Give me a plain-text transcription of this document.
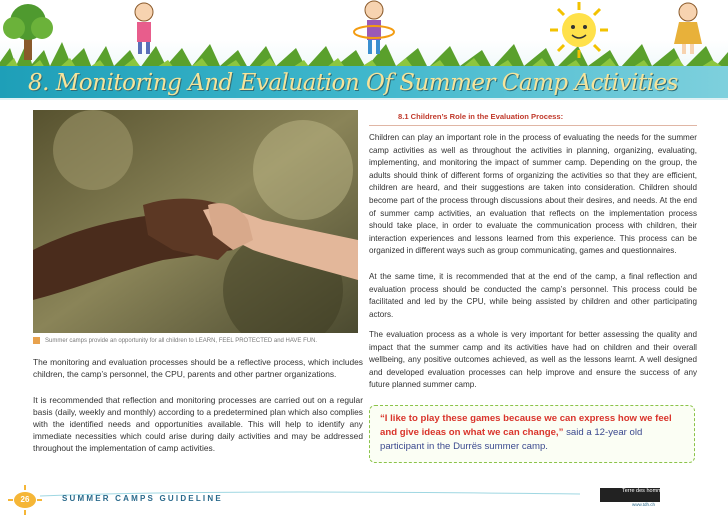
8. Monitoring And Evaluation Of Summer Camp Activities
Summer camps provide an opportunity for all children to LEARN, FEEL PROTECTED and HAVE FUN.

The monitoring and evaluation processes should be a reflective process, which includes children, the camp’s personnel, the CPU, parents and other partner organizations.

It is recommended that reflection and monitoring processes are carried out on a regular basis (daily, weekly and monthly) according to a predetermined plan which also complies with the identified needs and opportunities available. This will help to identify any immediate necessities which could arise during daily activities and may be addressed throughout the implementation of camp activities.

8.1 Children’s Role in the Evaluation Process:

Children can play an important role in the process of evaluating the needs for the summer camp activities as well as throughout the activities in planning, organizing, evaluating, implementing, and monitoring the impact of summer camp. Depending on the group, the adults should think of different forms of organizing the activities so that they are efficient, children are heard, and their suggestions are taken into consideration. Children should become part of the process through discussions about their desires, and needs. At the end of summer camp activities, an evaluation that reflects on the implementation process should take place, in order to evaluate the communication process with children, their interaction experiences and lessons learned from this experience. This process can be organized in different ways such as group communicating, games and questionnaires.

At the same time, it is recommended that at the end of the camp, a final reflection and evaluation process should be conducted the camp’s personnel. This process could be facilitated and led by the CPU, while being assisted by children and other participating actors.

The evaluation process as a whole is very important for better assessing the quality and impact that the summer camp and its activities have had on children and their overall wellbeing, any positive outcomes achieved, as well as the lessons learnt. A well designed and developed evaluation processes can help improve and ensure the success of any future planned summer camp.

“I like to play these games because we can express how we feel and give ideas on what we can change,” said a 12-year old participant in the Durrës summer camp.

26	SUMMER CAMPS GUIDELINE
Terre des hommes
www.tdh.ch
